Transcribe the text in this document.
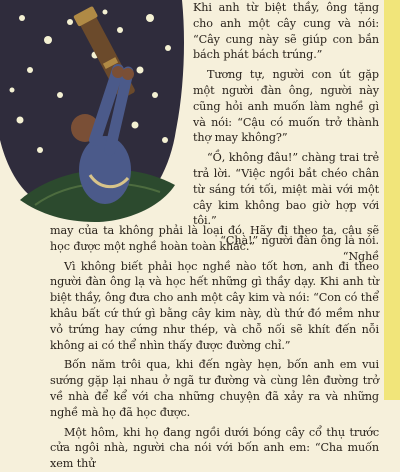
Khi anh từ biệt thầy, ông tặng cho anh một cây cung và nói: “Cây cung này sẽ giúp con bắn bách phát bách trúng.”

Tương tự, người con út gặp một người đàn ông, người này cũng hỏi anh muốn làm nghề gì và nói: “Cậu có muốn trở thành thợ may không?”

“Ồ, không đâu!” chàng trai trẻ trả lời. “Việc ngồi bắt chéo chân từ sáng tới tối, miệt mài với một cây kim không bao giờ hợp với tôi.”

“Chà!” người đàn ông la nói. “Nghề

may của ta không phải là loại đó. Hãy đi theo ta, cậu sẽ học được một nghề hoàn toàn khác.”

Vì không biết phải học nghề nào tốt hơn, anh đi theo người đàn ông lạ và học hết những gì thầy dạy. Khi anh từ biệt thầy, ông đưa cho anh một cây kim và nói: “Con có thể khâu bất cứ thứ gì bằng cây kim này, dù thứ đó mềm như vỏ trứng hay cứng như thép, và chỗ nối sẽ khít đến nỗi không ai có thể nhìn thấy được đường chỉ.”

Bốn năm trôi qua, khi đến ngày hẹn, bốn anh em vui sướng gặp lại nhau ở ngã tư đường và cùng lên đường trở về nhà để kể với cha những chuyện đã xảy ra và những nghề mà họ đã học được.

Một hôm, khi họ đang ngồi dưới bóng cây cổ thụ trước cửa ngôi nhà, người cha nói với bốn anh em: “Cha muốn xem thử
